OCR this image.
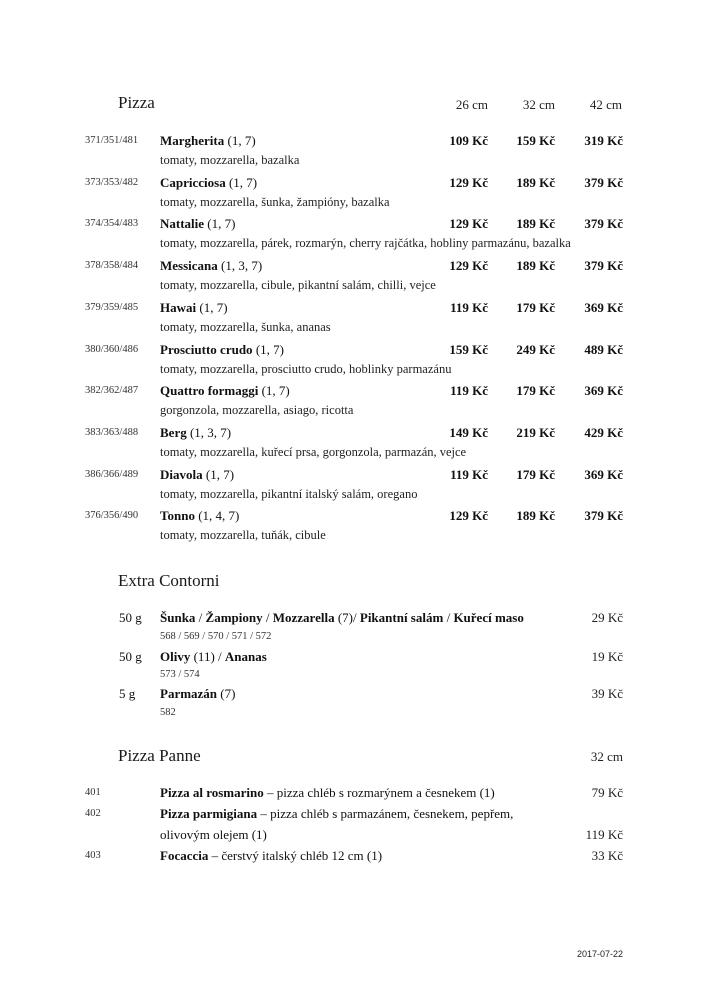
Pizza	26 cm	32 cm	42 cm
371/351/481 Margherita (1, 7)	109 Kč	159 Kč	319 Kč
tomaty, mozzarella, bazalka
373/353/482 Capricciosa (1, 7)	129 Kč	189 Kč	379 Kč
tomaty, mozzarella, šunka, žampióny, bazalka
374/354/483 Nattalie (1, 7)	129 Kč	189 Kč	379 Kč
tomaty, mozzarella, párek, rozmarýn, cherry rajčátka, hobliny parmazánu, bazalka
378/358/484 Messicana (1, 3, 7)	129 Kč	189 Kč	379 Kč
tomaty, mozzarella, cibule, pikantní salám, chilli, vejce
379/359/485 Hawai (1, 7)	119 Kč	179 Kč	369 Kč
tomaty, mozzarella, šunka, ananas
380/360/486 Prosciutto crudo (1, 7)	159 Kč	249 Kč	489 Kč
tomaty, mozzarella, prosciutto crudo, hoblinky parmazánu
382/362/487 Quattro formaggi (1, 7)	119 Kč	179 Kč	369 Kč
gorgonzola, mozzarella, asiago, ricotta
383/363/488 Berg (1, 3, 7)	149 Kč	219 Kč	429 Kč
tomaty, mozzarella, kuřecí prsa, gorgonzola, parmazán, vejce
386/366/489 Diavola (1, 7)	119 Kč	179 Kč	369 Kč
tomaty, mozzarella, pikantní italský salám, oregano
376/356/490 Tonno (1, 4, 7)	129 Kč	189 Kč	379 Kč
tomaty, mozzarella, tuňák, cibule
Extra Contorni
50 g Šunka / Žampiony / Mozzarella (7)/ Pikantní salám / Kuřecí maso	29 Kč
568 / 569 / 570 / 571 / 572
50 g Olivy (11) / Ananas	19 Kč
573 / 574
5 g Parmazán (7)	39 Kč
582
Pizza Panne	32 cm
401	Pizza al rosmarino – pizza chléb s rozmarýnem a česnekem (1)	79 Kč
402	Pizza parmigiana – pizza chléb s parmazánem, česnekem, pepřem,
olivovým olejem (1)	119 Kč
403	Focaccia – čerstvý italský chléb 12 cm (1)	33 Kč
2017-07-22
